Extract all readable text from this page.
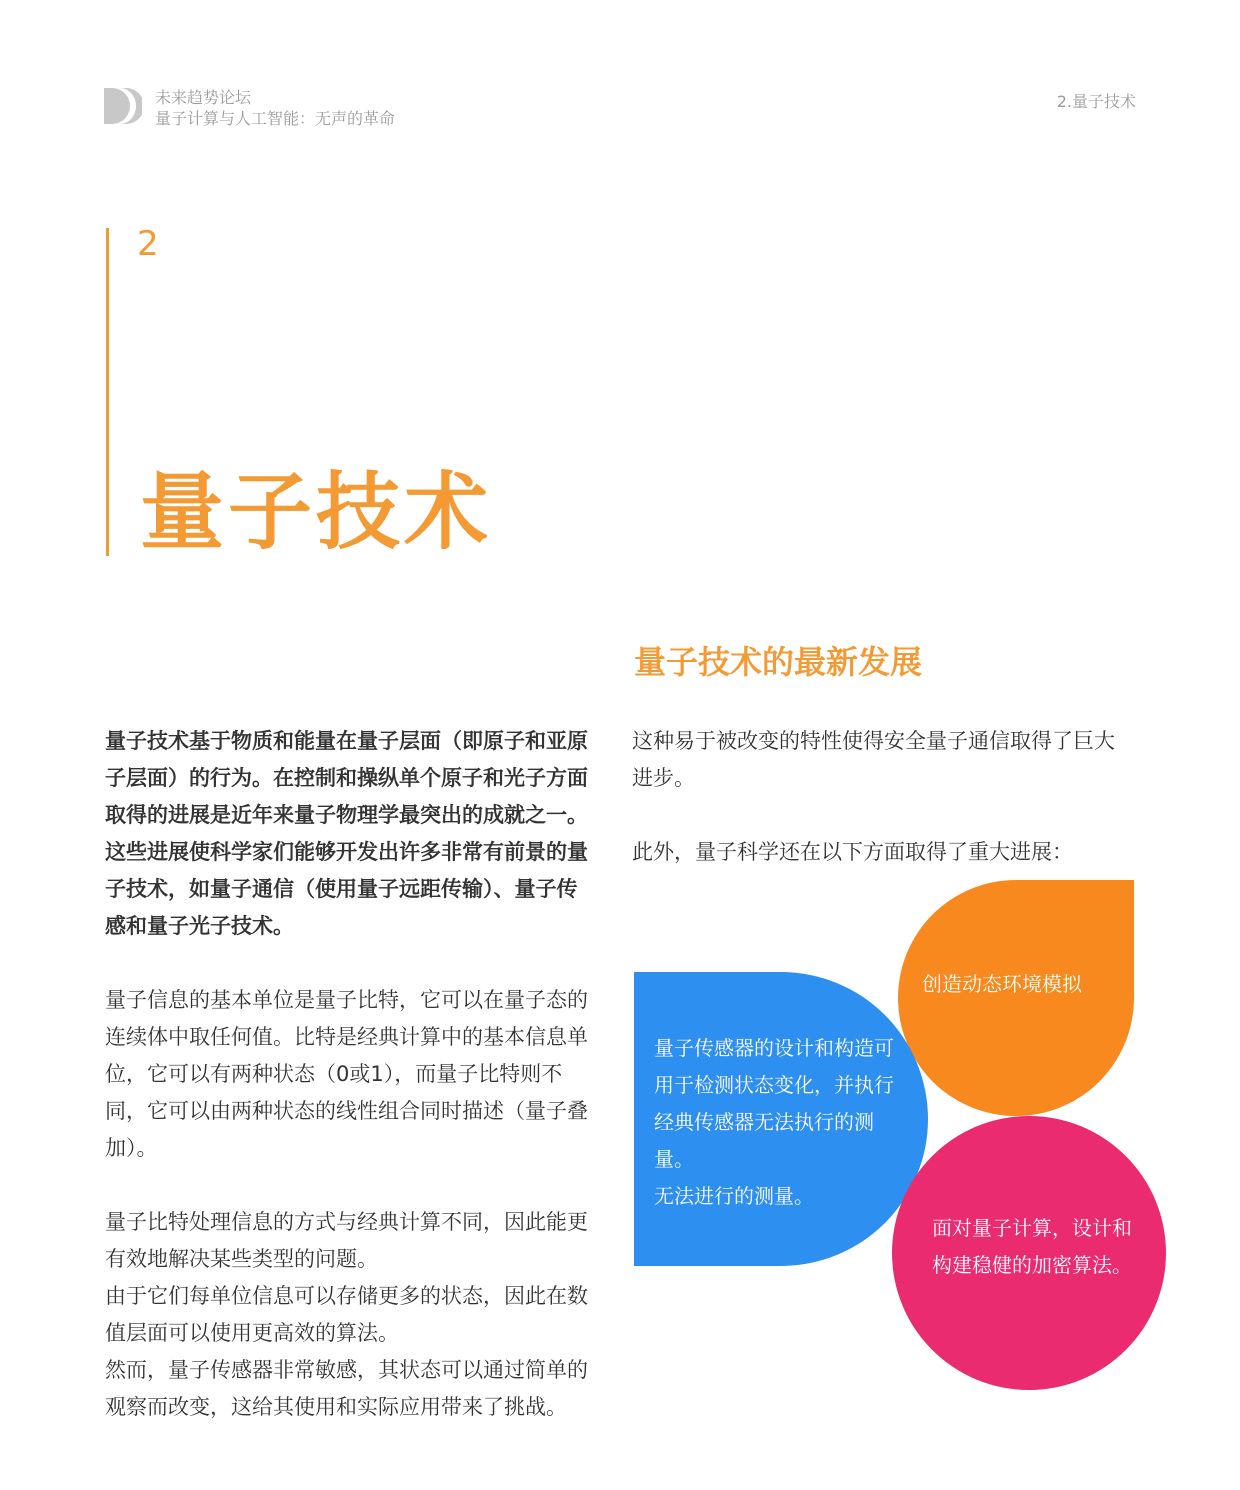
未来趋势论坛
量子计算与人工智能：无声的革命
2.量子技术
2
量子技术
量子技术的最新发展

量子技术基于物质和能量在量子层面（即原子和亚原子层面）的行为。在控制和操纵单个原子和光子方面取得的进展是近年来量子物理学最突出的成就之一。这些进展使科学家们能够开发出许多非常有前景的量子技术，如量子通信（使用量子远距传输）、量子传感和量子光子技术。

量子信息的基本单位是量子比特，它可以在量子态的连续体中取任何值。比特是经典计算中的基本信息单位，它可以有两种状态（0或1），而量子比特则不同，它可以由两种状态的线性组合同时描述（量子叠加）。

量子比特处理信息的方式与经典计算不同，因此能更有效地解决某些类型的问题。

由于它们每单位信息可以存储更多的状态，因此在数值层面可以使用更高效的算法。

然而，量子传感器非常敏感，其状态可以通过简单的观察而改变，这给其使用和实际应用带来了挑战。

这种易于被改变的特性使得安全量子通信取得了巨大进步。

此外，量子科学还在以下方面取得了重大进展：

创造动态环境模拟

量子传感器的设计和构造可用于检测状态变化，并执行经典传感器无法执行的测量。

无法进行的测量。

面对量子计算，设计和构建稳健的加密算法。
